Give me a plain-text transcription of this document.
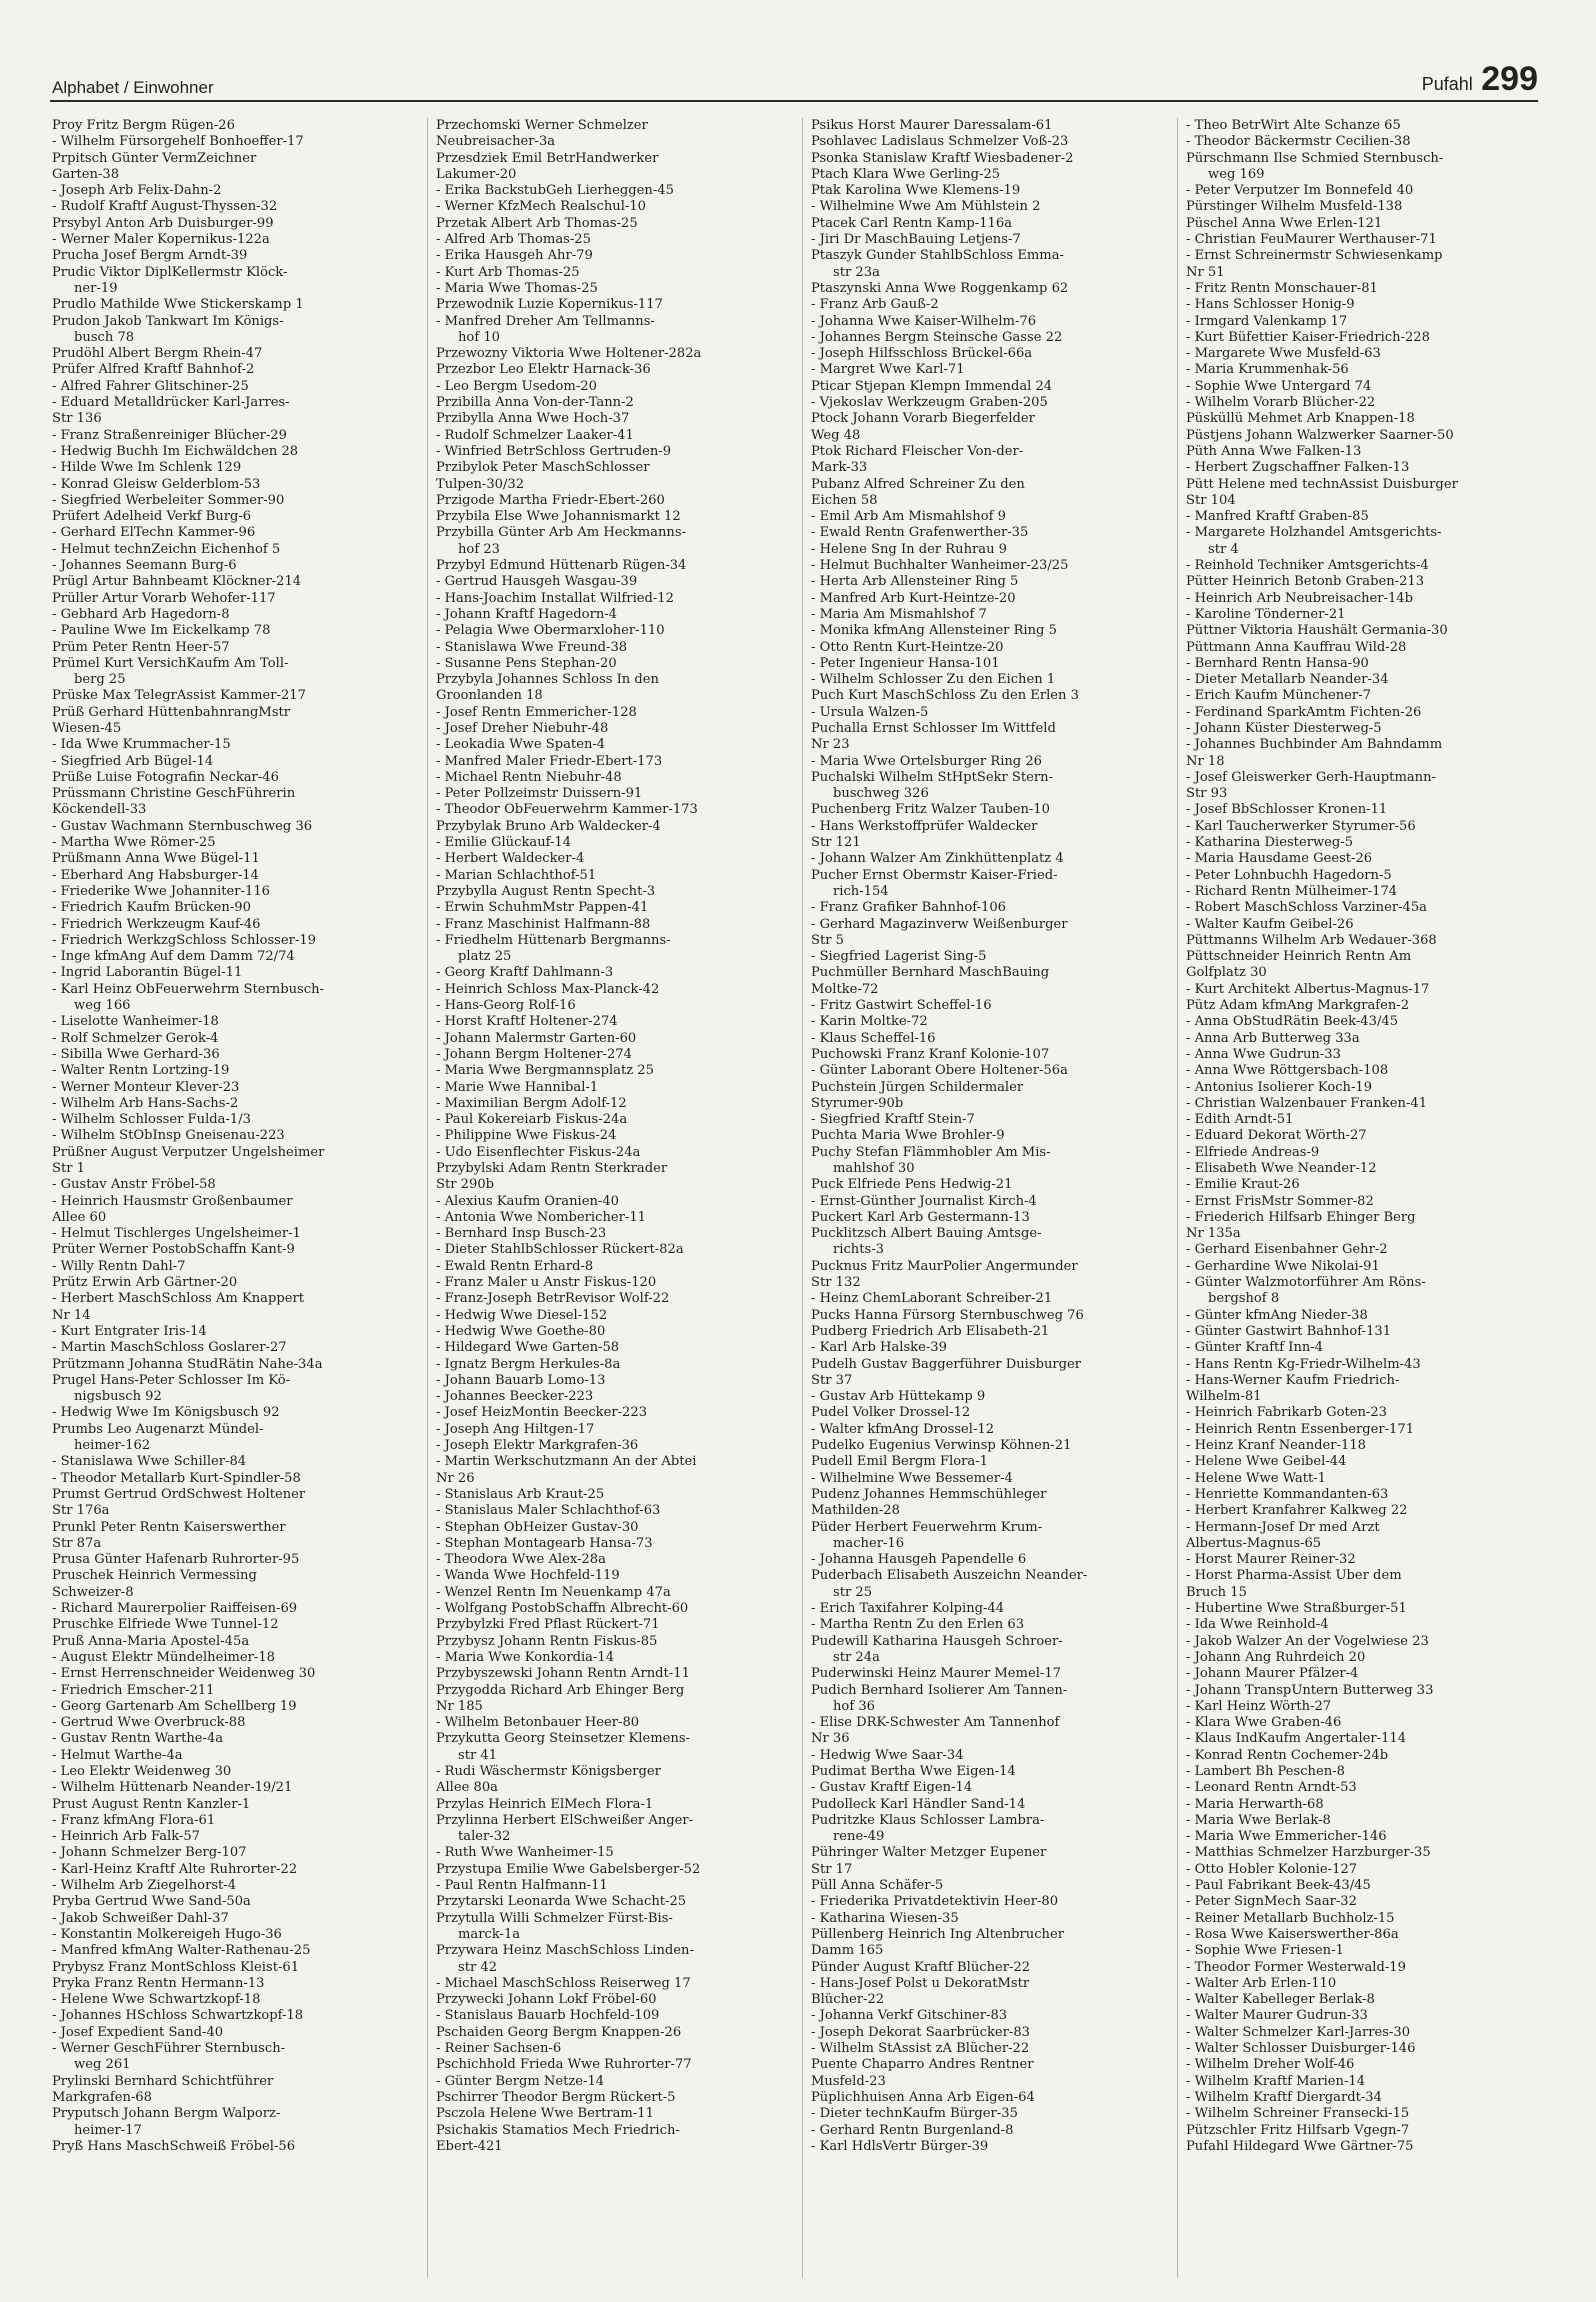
Alphabet / Einwohner	Pufahl 299
Proy Fritz Bergm Rügen-26
- Wilhelm Fürsorgehelf Bonhoeffer-17
Prpitsch Günter VermZeichner
Garten-38
- Joseph Arb Felix-Dahn-2
- Rudolf Kraftf August-Thyssen-32
Prsybyl Anton Arb Duisburger-99
- Werner Maler Kopernikus-122a
Prucha Josef Bergm Arndt-39
Prudic Viktor DiplKellermstr Klöck-
ner-19
Prudlo Mathilde Wwe Stickerskamp 1
Prudon Jakob Tankwart Im Königs-
busch 78
Prudöhl Albert Bergm Rhein-47
Prüfer Alfred Kraftf Bahnhof-2
- Alfred Fahrer Glitschiner-25
- Eduard Metalldrücker Karl-Jarres-
Str 136
- Franz Straßenreiniger Blücher-29
- Hedwig Buchh Im Eichwäldchen 28
- Hilde Wwe Im Schlenk 129
- Konrad Gleisw Gelderblom-53
- Siegfried Werbeleiter Sommer-90
Prüfert Adelheid Verkf Burg-6
- Gerhard ElTechn Kammer-96
- Helmut technZeichn Eichenhof 5
- Johannes Seemann Burg-6
Prügl Artur Bahnbeamt Klöckner-214
Prüller Artur Vorarb Wehofer-117
- Gebhard Arb Hagedorn-8
- Pauline Wwe Im Eickelkamp 78
Prüm Peter Rentn Heer-57
Prümel Kurt VersichKaufm Am Toll-
berg 25
Prüske Max TelegrAssist Kammer-217
Prüß Gerhard HüttenbahnrangMstr
Wiesen-45
- Ida Wwe Krummacher-15
- Siegfried Arb Bügel-14
Prüße Luise Fotografin Neckar-46
Prüssmann Christine GeschFührerin
Köckendell-33
- Gustav Wachmann Sternbuschweg 36
- Martha Wwe Römer-25
Prüßmann Anna Wwe Bügel-11
- Eberhard Ang Habsburger-14
- Friederike Wwe Johanniter-116
- Friedrich Kaufm Brücken-90
- Friedrich Werkzeugm Kauf-46
- Friedrich WerkzgSchloss Schlosser-19
- Inge kfmAng Auf dem Damm 72/74
- Ingrid Laborantin Bügel-11
- Karl Heinz ObFeuerwehrm Sternbusch-
weg 166
- Liselotte Wanheimer-18
- Rolf Schmelzer Gerok-4
- Sibilla Wwe Gerhard-36
- Walter Rentn Lortzing-19
- Werner Monteur Klever-23
- Wilhelm Arb Hans-Sachs-2
- Wilhelm Schlosser Fulda-1/3
- Wilhelm StObInsp Gneisenau-223
Prüßner August Verputzer Ungelsheimer
Str 1
- Gustav Anstr Fröbel-58
- Heinrich Hausmstr Großenbaumer
Allee 60
- Helmut Tischlerges Ungelsheimer-1
Prüter Werner PostobSchaffn Kant-9
- Willy Rentn Dahl-7
Prütz Erwin Arb Gärtner-20
- Herbert MaschSchloss Am Knappert
Nr 14
- Kurt Entgrater Iris-14
- Martin MaschSchloss Goslarer-27
Prützmann Johanna StudRätin Nahe-34a
Prugel Hans-Peter Schlosser Im Kö-
nigsbusch 92
- Hedwig Wwe Im Königsbusch 92
Prumbs Leo Augenarzt Mündel-
heimer-162
- Stanislawa Wwe Schiller-84
- Theodor Metallarb Kurt-Spindler-58
Prumst Gertrud OrdSchwest Holtener
Str 176a
Prunkl Peter Rentn Kaiserswerther
Str 87a
Prusa Günter Hafenarb Ruhrorter-95
Pruschek Heinrich Vermessing
Schweizer-8
- Richard Maurerpolier Raiffeisen-69
Pruschke Elfriede Wwe Tunnel-12
Pruß Anna-Maria Apostel-45a
- August Elektr Mündelheimer-18
- Ernst Herrenschneider Weidenweg 30
- Friedrich Emscher-211
- Georg Gartenarb Am Schellberg 19
- Gertrud Wwe Overbruck-88
- Gustav Rentn Warthe-4a
- Helmut Warthe-4a
- Leo Elektr Weidenweg 30
- Wilhelm Hüttenarb Neander-19/21
Prust August Rentn Kanzler-1
- Franz kfmAng Flora-61
- Heinrich Arb Falk-57
- Johann Schmelzer Berg-107
- Karl-Heinz Kraftf Alte Ruhrorter-22
- Wilhelm Arb Ziegelhorst-4
Pryba Gertrud Wwe Sand-50a
- Jakob Schweißer Dahl-37
- Konstantin Molkereigeh Hugo-36
- Manfred kfmAng Walter-Rathenau-25
Prybysz Franz MontSchloss Kleist-61
Pryka Franz Rentn Hermann-13
- Helene Wwe Schwartzkopf-18
- Johannes HSchloss Schwartzkopf-18
- Josef Expedient Sand-40
- Werner GeschFührer Sternbusch-
weg 261
Prylinski Bernhard Schichtführer
Markgrafen-68
Pryputsch Johann Bergm Walporz-
heimer-17
Pryß Hans MaschSchweiß Fröbel-56
Przechomski Werner Schmelzer
Neubreisacher-3a
Przesdziek Emil BetrHandwerker
Lakumer-20
- Erika BackstubGeh Lierheggen-45
- Werner KfzMech Realschul-10
Przetak Albert Arb Thomas-25
- Alfred Arb Thomas-25
- Erika Hausgeh Ahr-79
- Kurt Arb Thomas-25
- Maria Wwe Thomas-25
Przewodnik Luzie Kopernikus-117
- Manfred Dreher Am Tellmanns-
hof 10
Przewozny Viktoria Wwe Holtener-282a
Przezbor Leo Elektr Harnack-36
- Leo Bergm Usedom-20
Przibilla Anna Von-der-Tann-2
Przibylla Anna Wwe Hoch-37
- Rudolf Schmelzer Laaker-41
- Winfried BetrSchloss Gertruden-9
Przibylok Peter MaschSchlosser
Tulpen-30/32
Przigode Martha Friedr-Ebert-260
Przybila Else Wwe Johannismarkt 12
Przybilla Günter Arb Am Heckmanns-
hof 23
Przybyl Edmund Hüttenarb Rügen-34
- Gertrud Hausgeh Wasgau-39
- Hans-Joachim Installat Wilfried-12
- Johann Kraftf Hagedorn-4
- Pelagia Wwe Obermarxloher-110
- Stanislawa Wwe Freund-38
- Susanne Pens Stephan-20
Przybyla Johannes Schloss In den
Groonlanden 18
- Josef Rentn Emmericher-128
- Josef Dreher Niebuhr-48
- Leokadia Wwe Spaten-4
- Manfred Maler Friedr-Ebert-173
- Michael Rentn Niebuhr-48
- Peter Pollzeimstr Duissern-91
- Theodor ObFeuerwehrm Kammer-173
Przybylak Bruno Arb Waldecker-4
- Emilie Glückauf-14
- Herbert Waldecker-4
- Marian Schlachthof-51
Przybylla August Rentn Specht-3
- Erwin SchuhmMstr Pappen-41
- Franz Maschinist Halfmann-88
- Friedhelm Hüttenarb Bergmanns-
platz 25
- Georg Kraftf Dahlmann-3
- Heinrich Schloss Max-Planck-42
- Hans-Georg Rolf-16
- Horst Kraftf Holtener-274
- Johann Malermstr Garten-60
- Johann Bergm Holtener-274
- Maria Wwe Bergmannsplatz 25
- Marie Wwe Hannibal-1
- Maximilian Bergm Adolf-12
- Paul Kokereiarb Fiskus-24a
- Philippine Wwe Fiskus-24
- Udo Eisenflechter Fiskus-24a
Przybylski Adam Rentn Sterkrader
Str 290b
- Alexius Kaufm Oranien-40
- Antonia Wwe Nombericher-11
- Bernhard Insp Busch-23
- Dieter StahlbSchlosser Rückert-82a
- Ewald Rentn Erhard-8
- Franz Maler u Anstr Fiskus-120
- Franz-Joseph BetrRevisor Wolf-22
- Hedwig Wwe Diesel-152
- Hedwig Wwe Goethe-80
- Hildegard Wwe Garten-58
- Ignatz Bergm Herkules-8a
- Johann Bauarb Lomo-13
- Johannes Beecker-223
- Josef HeizMontin Beecker-223
- Joseph Ang Hiltgen-17
- Joseph Elektr Markgrafen-36
- Martin Werkschutzmann An der Abtei
Nr 26
- Stanislaus Arb Kraut-25
- Stanislaus Maler Schlachthof-63
- Stephan ObHeizer Gustav-30
- Stephan Montagearb Hansa-73
- Theodora Wwe Alex-28a
- Wanda Wwe Hochfeld-119
- Wenzel Rentn Im Neuenkamp 47a
- Wolfgang PostobSchaffn Albrecht-60
Przybylzki Fred Pflast Rückert-71
Przybysz Johann Rentn Fiskus-85
- Maria Wwe Konkordia-14
Przybyszewski Johann Rentn Arndt-11
Przygodda Richard Arb Ehinger Berg
Nr 185
- Wilhelm Betonbauer Heer-80
Przykutta Georg Steinsetzer Klemens-
str 41
- Rudi Wäschermstr Königsberger
Allee 80a
Przylas Heinrich ElMech Flora-1
Przylinna Herbert ElSchweißer Anger-
taler-32
- Ruth Wwe Wanheimer-15
Przystupa Emilie Wwe Gabelsberger-52
- Paul Rentn Halfmann-11
Przytarski Leonarda Wwe Schacht-25
Przytulla Willi Schmelzer Fürst-Bis-
marck-1a
Przywara Heinz MaschSchloss Linden-
str 42
- Michael MaschSchloss Reiserweg 17
Przywecki Johann Lokf Fröbel-60
- Stanislaus Bauarb Hochfeld-109
Pschaiden Georg Bergm Knappen-26
- Reiner Sachsen-6
Pschichhold Frieda Wwe Ruhrorter-77
- Günter Bergm Netze-14
Pschirrer Theodor Bergm Rückert-5
Psczola Helene Wwe Bertram-11
Psichakis Stamatios Mech Friedrich-
Ebert-421
Psikus Horst Maurer Daressalam-61
Psohlavec Ladislaus Schmelzer Voß-23
Psonka Stanislaw Kraftf Wiesbadener-2
Ptach Klara Wwe Gerling-25
Ptak Karolina Wwe Klemens-19
- Wilhelmine Wwe Am Mühlstein 2
Ptacek Carl Rentn Kamp-116a
- Jiri Dr MaschBauing Letjens-7
Ptaszyk Gunder StahlbSchloss Emma-
str 23a
Ptaszynski Anna Wwe Roggenkamp 62
- Franz Arb Gauß-2
- Johanna Wwe Kaiser-Wilhelm-76
- Johannes Bergm Steinsche Gasse 22
- Joseph Hilfsschloss Brückel-66a
- Margret Wwe Karl-71
Pticar Stjepan Klempn Immendal 24
- Vjekoslav Werkzeugm Graben-205
Ptock Johann Vorarb Biegerfelder
Weg 48
Ptok Richard Fleischer Von-der-
Mark-33
Pubanz Alfred Schreiner Zu den
Eichen 58
- Emil Arb Am Mismahlshof 9
- Ewald Rentn Grafenwerther-35
- Helene Sng In der Ruhrau 9
- Helmut Buchhalter Wanheimer-23/25
- Herta Arb Allensteiner Ring 5
- Manfred Arb Kurt-Heintze-20
- Maria Am Mismahlshof 7
- Monika kfmAng Allensteiner Ring 5
- Otto Rentn Kurt-Heintze-20
- Peter Ingenieur Hansa-101
- Wilhelm Schlosser Zu den Eichen 1
Puch Kurt MaschSchloss Zu den Erlen 3
- Ursula Walzen-5
Puchalla Ernst Schlosser Im Wittfeld
Nr 23
- Maria Wwe Ortelsburger Ring 26
Puchalski Wilhelm StHptSekr Stern-
buschweg 326
Puchenberg Fritz Walzer Tauben-10
- Hans Werkstoffprüfer Waldecker
Str 121
- Johann Walzer Am Zinkhüttenplatz 4
Pucher Ernst Obermstr Kaiser-Fried-
rich-154
- Franz Grafiker Bahnhof-106
- Gerhard Magazinverw Weißenburger
Str 5
- Siegfried Lagerist Sing-5
Puchmüller Bernhard MaschBauing
Moltke-72
- Fritz Gastwirt Scheffel-16
- Karin Moltke-72
- Klaus Scheffel-16
Puchowski Franz Kranf Kolonie-107
- Günter Laborant Obere Holtener-56a
Puchstein Jürgen Schildermaler
Styrumer-90b
- Siegfried Kraftf Stein-7
Puchta Maria Wwe Brohler-9
Puchy Stefan Flämmhobler Am Mis-
mahlshof 30
Puck Elfriede Pens Hedwig-21
- Ernst-Günther Journalist Kirch-4
Puckert Karl Arb Gestermann-13
Pucklitzsch Albert Bauing Amtsge-
richts-3
Pucknus Fritz MaurPolier Angermunder
Str 132
- Heinz ChemLaborant Schreiber-21
Pucks Hanna Fürsorg Sternbuschweg 76
Pudberg Friedrich Arb Elisabeth-21
- Karl Arb Halske-39
Pudelh Gustav Baggerführer Duisburger
Str 37
- Gustav Arb Hüttekamp 9
Pudel Volker Drossel-12
- Walter kfmAng Drossel-12
Pudelko Eugenius Verwinsp Köhnen-21
Pudell Emil Bergm Flora-1
- Wilhelmine Wwe Bessemer-4
Pudenz Johannes Hemmschühleger
Mathilden-28
Püder Herbert Feuerwehrm Krum-
macher-16
- Johanna Hausgeh Papendelle 6
Puderbach Elisabeth Auszeichn Neander-
str 25
- Erich Taxifahrer Kolping-44
- Martha Rentn Zu den Erlen 63
Pudewill Katharina Hausgeh Schroer-
str 24a
Puderwinski Heinz Maurer Memel-17
Pudich Bernhard Isolierer Am Tannen-
hof 36
- Elise DRK-Schwester Am Tannenhof
Nr 36
- Hedwig Wwe Saar-34
Pudimat Bertha Wwe Eigen-14
- Gustav Kraftf Eigen-14
Pudolleck Karl Händler Sand-14
Pudritzke Klaus Schlosser Lambra-
rene-49
Pühringer Walter Metzger Eupener
Str 17
Püll Anna Schäfer-5
- Friederika Privatdetektivin Heer-80
- Katharina Wiesen-35
Püllenberg Heinrich Ing Altenbrucher
Damm 165
Pünder August Kraftf Blücher-22
- Hans-Josef Polst u DekoratMstr
Blücher-22
- Johanna Verkf Gitschiner-83
- Joseph Dekorat Saarbrücker-83
- Wilhelm StAssist zA Blücher-22
Puente Chaparro Andres Rentner
Musfeld-23
Püplichhuisen Anna Arb Eigen-64
- Dieter technKaufm Bürger-35
- Gerhard Rentn Burgenland-8
- Karl HdlsVertr Bürger-39
- Theo BetrWirt Alte Schanze 65
- Theodor Bäckermstr Cecilien-38
Pürschmann Ilse Schmied Sternbusch-
weg 169
- Peter Verputzer Im Bonnefeld 40
Pürstinger Wilhelm Musfeld-138
Püschel Anna Wwe Erlen-121
- Christian FeuMaurer Werthauser-71
- Ernst Schreinermstr Schwiesenkamp
Nr 51
- Fritz Rentn Monschauer-81
- Hans Schlosser Honig-9
- Irmgard Valenkamp 17
- Kurt Büfettier Kaiser-Friedrich-228
- Margarete Wwe Musfeld-63
- Maria Krummenhak-56
- Sophie Wwe Untergard 74
- Wilhelm Vorarb Blücher-22
Püsküllü Mehmet Arb Knappen-18
Püstjens Johann Walzwerker Saarner-50
Püth Anna Wwe Falken-13
- Herbert Zugschaffner Falken-13
Pütt Helene med technAssist Duisburger
Str 104
- Manfred Kraftf Graben-85
- Margarete Holzhandel Amtsgerichts-
str 4
- Reinhold Techniker Amtsgerichts-4
Pütter Heinrich Betonb Graben-213
- Heinrich Arb Neubreisacher-14b
- Karoline Tönderner-21
Püttner Viktoria Haushält Germania-30
Püttmann Anna Kauffrau Wild-28
- Bernhard Rentn Hansa-90
- Dieter Metallarb Neander-34
- Erich Kaufm Münchener-7
- Ferdinand SparkAmtm Fichten-26
- Johann Küster Diesterweg-5
- Johannes Buchbinder Am Bahndamm
Nr 18
- Josef Gleiswerker Gerh-Hauptmann-
Str 93
- Josef BbSchlosser Kronen-11
- Karl Taucherwerker Styrumer-56
- Katharina Diesterweg-5
- Maria Hausdame Geest-26
- Peter Lohnbuchh Hagedorn-5
- Richard Rentn Mülheimer-174
- Robert MaschSchloss Varziner-45a
- Walter Kaufm Geibel-26
Püttmanns Wilhelm Arb Wedauer-368
Püttschneider Heinrich Rentn Am
Golfplatz 30
- Kurt Architekt Albertus-Magnus-17
Pütz Adam kfmAng Markgrafen-2
- Anna ObStudRätin Beek-43/45
- Anna Arb Butterweg 33a
- Anna Wwe Gudrun-33
- Anna Wwe Röttgersbach-108
- Antonius Isolierer Koch-19
- Christian Walzenbauer Franken-41
- Edith Arndt-51
- Eduard Dekorat Wörth-27
- Elfriede Andreas-9
- Elisabeth Wwe Neander-12
- Emilie Kraut-26
- Ernst FrisMstr Sommer-82
- Friederich Hilfsarb Ehinger Berg
Nr 135a
- Gerhard Eisenbahner Gehr-2
- Gerhardine Wwe Nikolai-91
- Günter Walzmotorführer Am Röns-
bergshof 8
- Günter kfmAng Nieder-38
- Günter Gastwirt Bahnhof-131
- Günter Kraftf Inn-4
- Hans Rentn Kg-Friedr-Wilhelm-43
- Hans-Werner Kaufm Friedrich-
Wilhelm-81
- Heinrich Fabrikarb Goten-23
- Heinrich Rentn Essenberger-171
- Heinz Kranf Neander-118
- Helene Wwe Geibel-44
- Helene Wwe Watt-1
- Henriette Kommandanten-63
- Herbert Kranfahrer Kalkweg 22
- Hermann-Josef Dr med Arzt
Albertus-Magnus-65
- Horst Maurer Reiner-32
- Horst Pharma-Assist Über dem
Bruch 15
- Hubertine Wwe Straßburger-51
- Ida Wwe Reinhold-4
- Jakob Walzer An der Vogelwiese 23
- Johann Ang Ruhrdeich 20
- Johann Maurer Pfälzer-4
- Johann TranspUntern Butterweg 33
- Karl Heinz Wörth-27
- Klara Wwe Graben-46
- Klaus IndKaufm Angertaler-114
- Konrad Rentn Cochemer-24b
- Lambert Bh Peschen-8
- Leonard Rentn Arndt-53
- Maria Herwarth-68
- Maria Wwe Berlak-8
- Maria Wwe Emmericher-146
- Matthias Schmelzer Harzburger-35
- Otto Hobler Kolonie-127
- Paul Fabrikant Beek-43/45
- Peter SignMech Saar-32
- Reiner Metallarb Buchholz-15
- Rosa Wwe Kaiserswerther-86a
- Sophie Wwe Friesen-1
- Theodor Former Westerwald-19
- Walter Arb Erlen-110
- Walter Kabelleger Berlak-8
- Walter Maurer Gudrun-33
- Walter Schmelzer Karl-Jarres-30
- Walter Schlosser Duisburger-146
- Wilhelm Dreher Wolf-46
- Wilhelm Kraftf Marien-14
- Wilhelm Kraftf Diergardt-34
- Wilhelm Schreiner Fransecki-15
Pützschler Fritz Hilfsarb Vgegn-7
Pufahl Hildegard Wwe Gärtner-75
